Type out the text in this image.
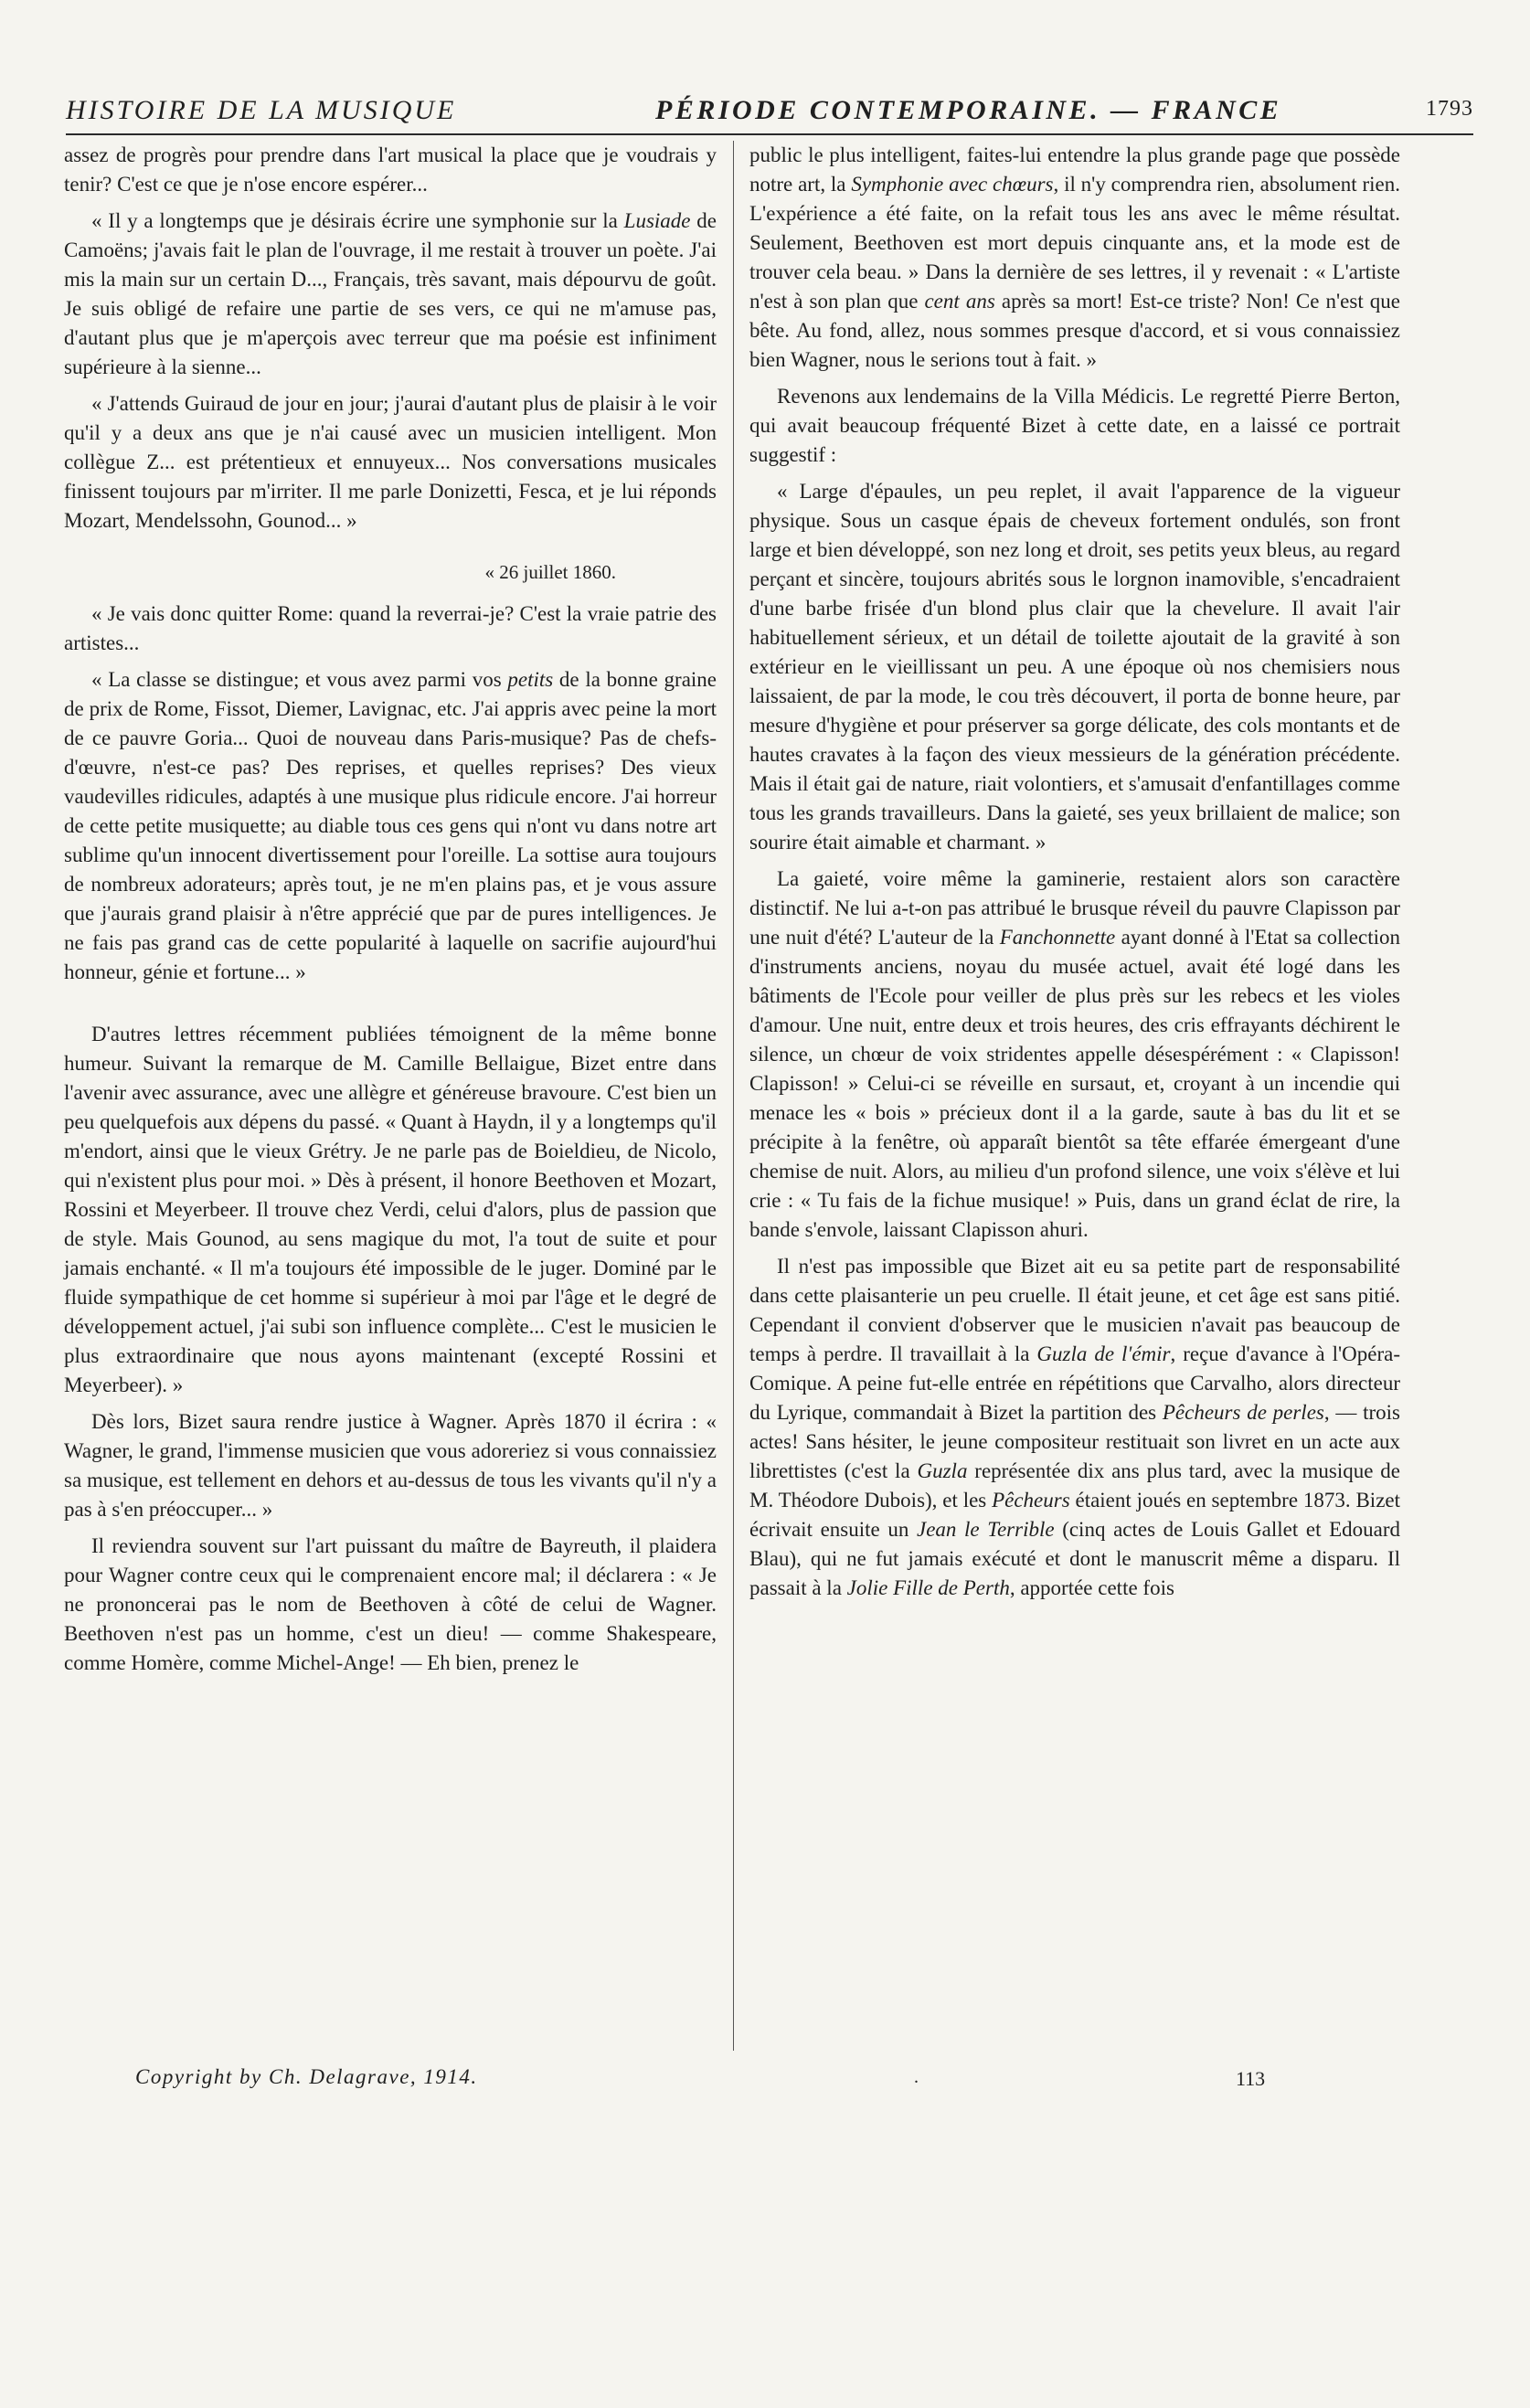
HISTOIRE DE LA MUSIQUE	PÉRIODE CONTEMPORAINE. — FRANCE	1793

assez de progrès pour prendre dans l'art musical la place que je voudrais y tenir? C'est ce que je n'ose encore espérer...

« Il y a longtemps que je désirais écrire une symphonie sur la Lusiade de Camoëns; j'avais fait le plan de l'ouvrage, il me restait à trouver un poète. J'ai mis la main sur un certain D..., Français, très savant, mais dépourvu de goût. Je suis obligé de refaire une partie de ses vers, ce qui ne m'amuse pas, d'autant plus que je m'aperçois avec terreur que ma poésie est infiniment supérieure à la sienne...

« J'attends Guiraud de jour en jour; j'aurai d'autant plus de plaisir à le voir qu'il y a deux ans que je n'ai causé avec un musicien intelligent. Mon collègue Z... est prétentieux et ennuyeux... Nos conversations musicales finissent toujours par m'irriter. Il me parle Donizetti, Fesca, et je lui réponds Mozart, Mendelssohn, Gounod... »

« 26 juillet 1860.

« Je vais donc quitter Rome: quand la reverrai-je? C'est la vraie patrie des artistes...

« La classe se distingue; et vous avez parmi vos petits de la bonne graine de prix de Rome, Fissot, Diemer, Lavignac, etc. J'ai appris avec peine la mort de ce pauvre Goria... Quoi de nouveau dans Paris-musique? Pas de chefs-d'œuvre, n'est-ce pas? Des reprises, et quelles reprises? Des vieux vaudevilles ridicules, adaptés à une musique plus ridicule encore. J'ai horreur de cette petite musiquette; au diable tous ces gens qui n'ont vu dans notre art sublime qu'un innocent divertissement pour l'oreille. La sottise aura toujours de nombreux adorateurs; après tout, je ne m'en plains pas, et je vous assure que j'aurais grand plaisir à n'être apprécié que par de pures intelligences. Je ne fais pas grand cas de cette popularité à laquelle on sacrifie aujourd'hui honneur, génie et fortune... »

D'autres lettres récemment publiées témoignent de la même bonne humeur. Suivant la remarque de M. Camille Bellaigue, Bizet entre dans l'avenir avec assurance, avec une allègre et généreuse bravoure. C'est bien un peu quelquefois aux dépens du passé. « Quant à Haydn, il y a longtemps qu'il m'endort, ainsi que le vieux Grétry. Je ne parle pas de Boieldieu, de Nicolo, qui n'existent plus pour moi. » Dès à présent, il honore Beethoven et Mozart, Rossini et Meyerbeer. Il trouve chez Verdi, celui d'alors, plus de passion que de style. Mais Gounod, au sens magique du mot, l'a tout de suite et pour jamais enchanté. « Il m'a toujours été impossible de le juger. Dominé par le fluide sympathique de cet homme si supérieur à moi par l'âge et le degré de développement actuel, j'ai subi son influence complète... C'est le musicien le plus extraordinaire que nous ayons maintenant (excepté Rossini et Meyerbeer). »

Dès lors, Bizet saura rendre justice à Wagner. Après 1870 il écrira : « Wagner, le grand, l'immense musicien que vous adoreriez si vous connaissiez sa musique, est tellement en dehors et au-dessus de tous les vivants qu'il n'y a pas à s'en préoccuper... »

Il reviendra souvent sur l'art puissant du maître de Bayreuth, il plaidera pour Wagner contre ceux qui le comprenaient encore mal; il déclarera : « Je ne prononcerai pas le nom de Beethoven à côté de celui de Wagner. Beethoven n'est pas un homme, c'est un dieu! — comme Shakespeare, comme Homère, comme Michel-Ange! — Eh bien, prenez le

public le plus intelligent, faites-lui entendre la plus grande page que possède notre art, la Symphonie avec chœurs, il n'y comprendra rien, absolument rien. L'expérience a été faite, on la refait tous les ans avec le même résultat. Seulement, Beethoven est mort depuis cinquante ans, et la mode est de trouver cela beau. » Dans la dernière de ses lettres, il y revenait : « L'artiste n'est à son plan que cent ans après sa mort! Est-ce triste? Non! Ce n'est que bête. Au fond, allez, nous sommes presque d'accord, et si vous connaissiez bien Wagner, nous le serions tout à fait. »

Revenons aux lendemains de la Villa Médicis. Le regretté Pierre Berton, qui avait beaucoup fréquenté Bizet à cette date, en a laissé ce portrait suggestif :

« Large d'épaules, un peu replet, il avait l'apparence de la vigueur physique. Sous un casque épais de cheveux fortement ondulés, son front large et bien développé, son nez long et droit, ses petits yeux bleus, au regard perçant et sincère, toujours abrités sous le lorgnon inamovible, s'encadraient d'une barbe frisée d'un blond plus clair que la chevelure. Il avait l'air habituellement sérieux, et un détail de toilette ajoutait de la gravité à son extérieur en le vieillissant un peu. A une époque où nos chemisiers nous laissaient, de par la mode, le cou très découvert, il porta de bonne heure, par mesure d'hygiène et pour préserver sa gorge délicate, des cols montants et de hautes cravates à la façon des vieux messieurs de la génération précédente. Mais il était gai de nature, riait volontiers, et s'amusait d'enfantillages comme tous les grands travailleurs. Dans la gaieté, ses yeux brillaient de malice; son sourire était aimable et charmant. »

La gaieté, voire même la gaminerie, restaient alors son caractère distinctif. Ne lui a-t-on pas attribué le brusque réveil du pauvre Clapisson par une nuit d'été? L'auteur de la Fanchonnette ayant donné à l'Etat sa collection d'instruments anciens, noyau du musée actuel, avait été logé dans les bâtiments de l'Ecole pour veiller de plus près sur les rebecs et les violes d'amour. Une nuit, entre deux et trois heures, des cris effrayants déchirent le silence, un chœur de voix stridentes appelle désespérément : « Clapisson! Clapisson! » Celui-ci se réveille en sursaut, et, croyant à un incendie qui menace les « bois » précieux dont il a la garde, saute à bas du lit et se précipite à la fenêtre, où apparaît bientôt sa tête effarée émergeant d'une chemise de nuit. Alors, au milieu d'un profond silence, une voix s'élève et lui crie : « Tu fais de la fichue musique! » Puis, dans un grand éclat de rire, la bande s'envole, laissant Clapisson ahuri.

Il n'est pas impossible que Bizet ait eu sa petite part de responsabilité dans cette plaisanterie un peu cruelle. Il était jeune, et cet âge est sans pitié. Cependant il convient d'observer que le musicien n'avait pas beaucoup de temps à perdre. Il travaillait à la Guzla de l'émir, reçue d'avance à l'Opéra-Comique. A peine fut-elle entrée en répétitions que Carvalho, alors directeur du Lyrique, commandait à Bizet la partition des Pêcheurs de perles, — trois actes! Sans hésiter, le jeune compositeur restituait son livret en un acte aux librettistes (c'est la Guzla représentée dix ans plus tard, avec la musique de M. Théodore Dubois), et les Pêcheurs étaient joués en septembre 1873. Bizet écrivait ensuite un Jean le Terrible (cinq actes de Louis Gallet et Edouard Blau), qui ne fut jamais exécuté et dont le manuscrit même a disparu. Il passait à la Jolie Fille de Perth, apportée cette fois

Copyright by Ch. Delagrave, 1914.	.	113
